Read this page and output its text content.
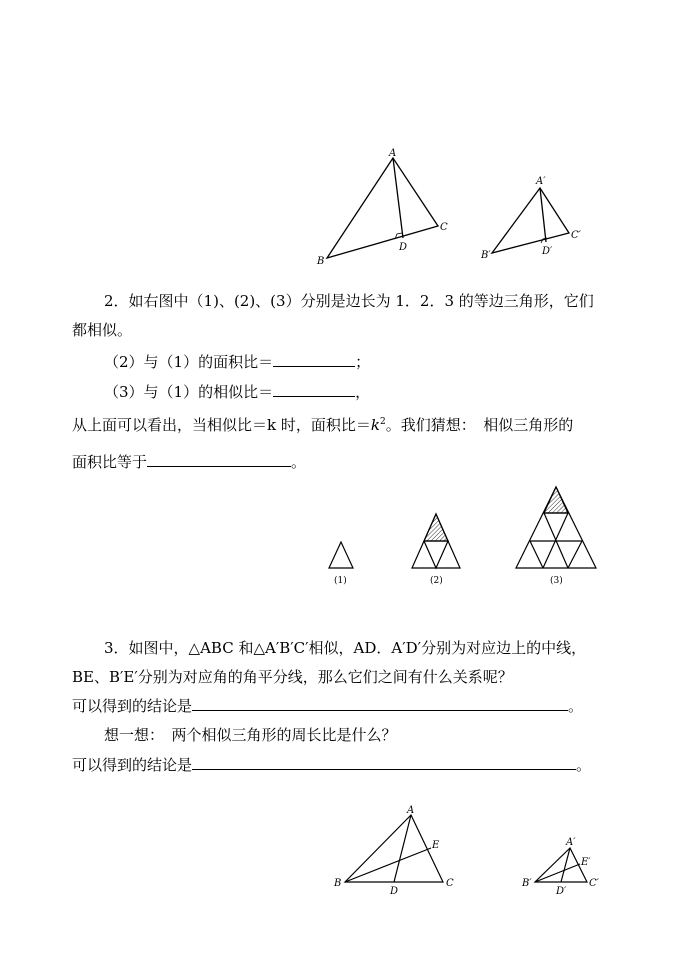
A
B
C
D
A′
B′
C′
D′
2．如右图中（1)、(2)、(3）分别是边长为 1．2．3 的等边三角形，它们
都相似。
（2）与（1）的面积比＝	；
（3）与（1）的相似比＝	，
从上面可以看出，当相似比＝k 时，面积比$=k^2$。我们猜想：　相似三角形的
面积比等于	。
(1)	(2)	(3)
3．如图中，△ABC 和△A′B′C′相似，AD．A′D′分别为对应边上的中线，
BE、B′E′分别为对应角的角平分线，那么它们之间有什么关系呢？
可以得到的结论是	。
想一想：　两个相似三角形的周长比是什么？
可以得到的结论是	。
A
B	C
D
E	A′
B′	C′
D′
E′
